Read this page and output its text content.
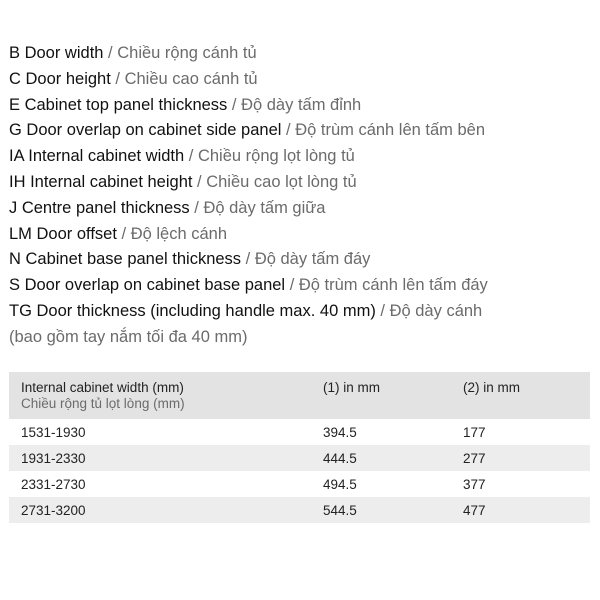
B Door width / Chiều rộng cánh tủ
C Door height / Chiều cao cánh tủ
E Cabinet top panel thickness / Độ dày tấm đỉnh
G Door overlap on cabinet side panel / Độ trùm cánh lên tấm bên
IA Internal cabinet width / Chiều rộng lọt lòng tủ
IH Internal cabinet height / Chiều cao lọt lòng tủ
J Centre panel thickness / Độ dày tấm giữa
LM Door offset / Độ lệch cánh
N Cabinet base panel thickness / Độ dày tấm đáy
S Door overlap on cabinet base panel / Độ trùm cánh lên tấm đáy
TG Door thickness (including handle max. 40 mm) / Độ dày cánh
(bao gồm tay nắm tối đa 40 mm)
Internal cabinet width (mm)
Chiều rộng tủ lọt lòng (mm)	(1) in mm	(2) in mm
1531-1930	394.5	177
1931-2330	444.5	277
2331-2730	494.5	377
2731-3200	544.5	477
